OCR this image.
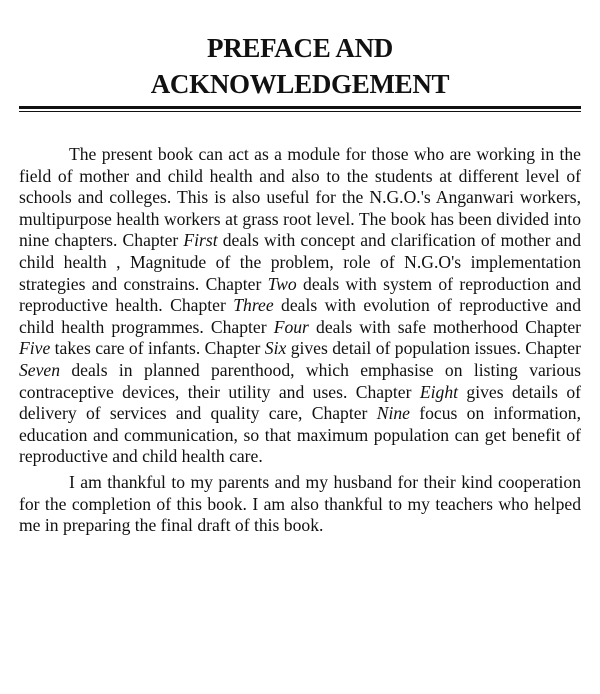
PREFACE AND
ACKNOWLEDGEMENT

The present book can act as a module for those who are working in the field of mother and child health and also to the students at different level of schools and colleges. This is also useful for the N.G.O.'s Anganwari workers, multipurpose health workers at grass root level. The book has been divided into nine chapters. Chapter First deals with concept and clarification of mother and child health , Magnitude of the problem, role of N.G.O's implementation strategies and constrains. Chapter Two deals with system of reproduction and reproductive health. Chapter Three deals with evolution of reproductive and child health programmes. Chapter Four deals with safe motherhood Chapter Five takes care of infants. Chapter Six gives detail of population issues. Chapter Seven deals in planned parenthood, which emphasise on listing various contraceptive devices, their utility and uses. Chapter Eight gives details of delivery of services and quality care, Chapter Nine focus on information, education and communication, so that maximum population can get benefit of reproductive and child health care.

I am thankful to my parents and my husband for their kind cooperation for the completion of this book. I am also thankful to my teachers who helped me in preparing the final draft of this book.
